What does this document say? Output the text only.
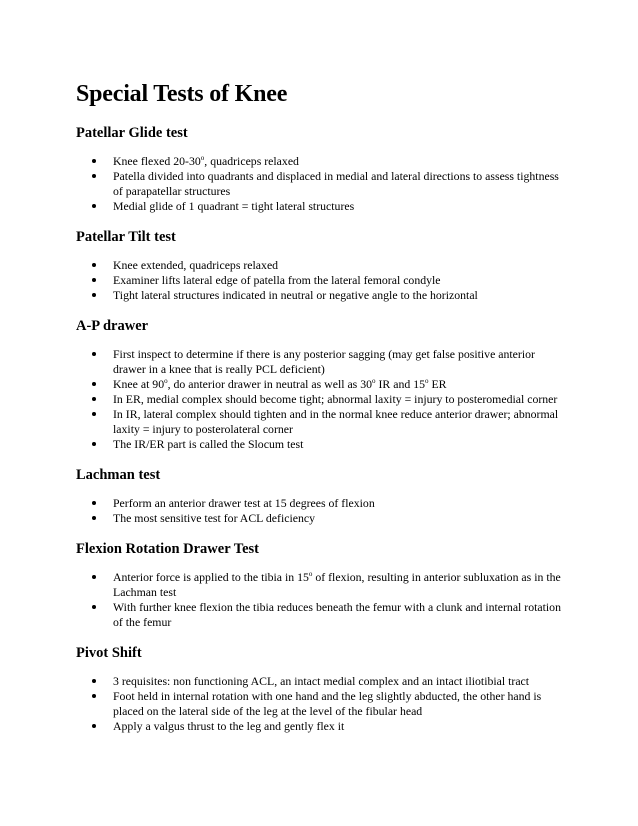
Special Tests of Knee
Patellar Glide test
Knee flexed 20-30$^o$, quadriceps relaxed
Patella divided into quadrants and displaced in medial and lateral directions to assess tightness of parapatellar structures
Medial glide of 1 quadrant = tight lateral structures
Patellar Tilt test
Knee extended, quadriceps relaxed
Examiner lifts lateral edge of patella from the lateral femoral condyle
Tight lateral structures indicated in neutral or negative angle to the horizontal
A-P drawer
First inspect to determine if there is any posterior sagging (may get false positive anterior drawer in a knee that is really PCL deficient)
Knee at 90$^o$, do anterior drawer in neutral as well as 30$^o$ IR and 15$^o$ ER
In ER, medial complex should become tight; abnormal laxity = injury to posteromedial corner
In IR, lateral complex should tighten and in the normal knee reduce anterior drawer; abnormal laxity = injury to posterolateral corner
The IR/ER part is called the Slocum test
Lachman test
Perform an anterior drawer test at 15 degrees of flexion
The most sensitive test for ACL deficiency
Flexion Rotation Drawer Test
Anterior force is applied to the tibia in 15$^o$ of flexion, resulting in anterior subluxation as in the Lachman test
With further knee flexion the tibia reduces beneath the femur with a clunk and internal rotation of the femur
Pivot Shift
3 requisites: non functioning ACL, an intact medial complex and an intact iliotibial tract
Foot held in internal rotation with one hand and the leg slightly abducted, the other hand is placed on the lateral side of the leg at the level of the fibular head
Apply a valgus thrust to the leg and gently flex it
